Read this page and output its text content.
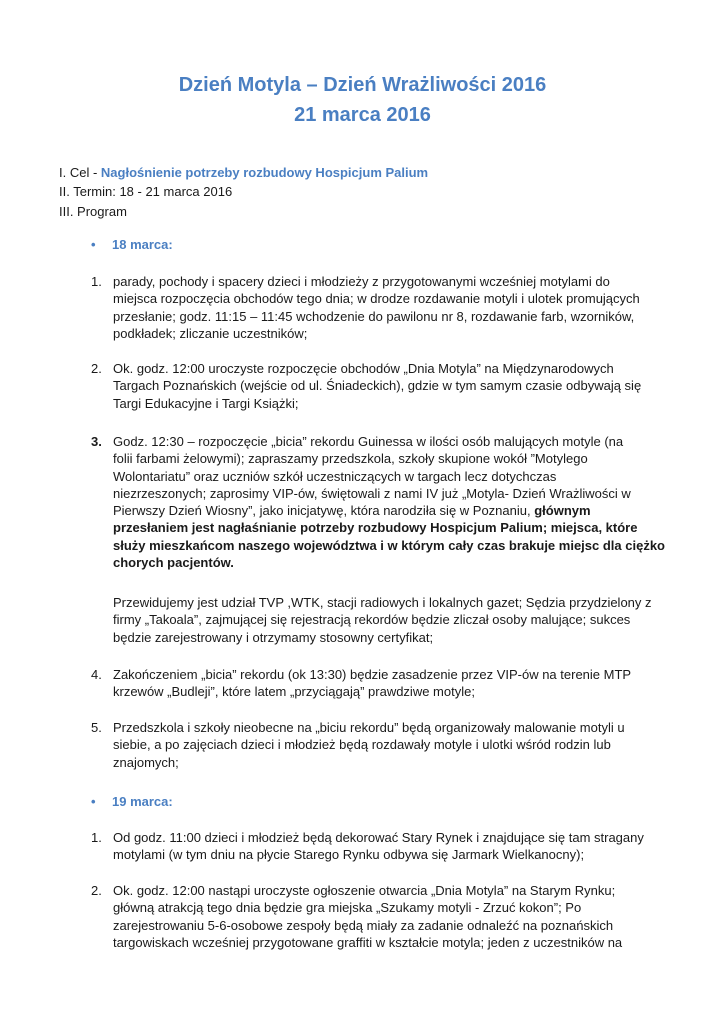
Dzień Motyla – Dzień Wrażliwości 2016
21 marca 2016
I. Cel - Nagłośnienie potrzeby rozbudowy Hospicjum Palium
II. Termin: 18 - 21 marca 2016
III. Program
• 18 marca:
1. parady, pochody i spacery dzieci i młodzieży z przygotowanymi wcześniej motylami do
miejsca rozpoczęcia obchodów tego dnia; w drodze rozdawanie motyli i ulotek promujących
przesłanie; godz. 11:15 – 11:45 wchodzenie do pawilonu nr 8, rozdawanie farb, wzorników,
podkładek; zliczanie uczestników;
2. Ok. godz. 12:00 uroczyste rozpoczęcie obchodów „Dnia Motyla” na Międzynarodowych
Targach Poznańskich (wejście od ul. Śniadeckich), gdzie w tym samym czasie odbywają się
Targi Edukacyjne i Targi Książki;
3. Godz. 12:30 – rozpoczęcie „bicia” rekordu Guinessa w ilości osób malujących motyle (na
folii farbami żelowymi); zapraszamy przedszkola, szkoły skupione wokół ”Motylego
Wolontariatu” oraz uczniów szkół uczestniczących w targach lecz dotychczas
niezrzeszonych; zaprosimy VIP-ów, świętowali z nami IV już „Motyla- Dzień Wrażliwości w
Pierwszy Dzień Wiosny”, jako inicjatywę, która narodziła się w Poznaniu, głównym
przesłaniem jest nagłaśnianie potrzeby rozbudowy Hospicjum Palium; miejsca, które
służy mieszkańcom naszego województwa i w którym cały czas brakuje miejsc dla ciężko
chorych pacjentów.
Przewidujemy jest udział TVP ,WTK, stacji radiowych i lokalnych gazet; Sędzia przydzielony z
firmy „Takoala”, zajmującej się rejestracją rekordów będzie zliczał osoby malujące; sukces
będzie zarejestrowany i otrzymamy stosowny certyfikat;
4. Zakończeniem „bicia” rekordu (ok 13:30) będzie zasadzenie przez VIP-ów na terenie MTP
krzewów „Budleji”, które latem „przyciągają” prawdziwe motyle;
5. Przedszkola i szkoły nieobecne na „biciu rekordu” będą organizowały malowanie motyli u
siebie, a po zajęciach dzieci i młodzież będą rozdawały motyle i ulotki wśród rodzin lub
znajomych;
• 19 marca:
1. Od godz. 11:00 dzieci i młodzież będą dekorować Stary Rynek i znajdujące się tam stragany
motylami (w tym dniu na płycie Starego Rynku odbywa się Jarmark Wielkanocny);
2. Ok. godz. 12:00 nastąpi uroczyste ogłoszenie otwarcia „Dnia Motyla” na Starym Rynku;
główną atrakcją tego dnia będzie gra miejska „Szukamy motyli - Zrzuć kokon”; Po
zarejestrowaniu 5-6-osobowe zespoły będą miały za zadanie odnaleźć na poznańskich
targowiskach wcześniej przygotowane graffiti w kształcie motyla; jeden z uczestników na
